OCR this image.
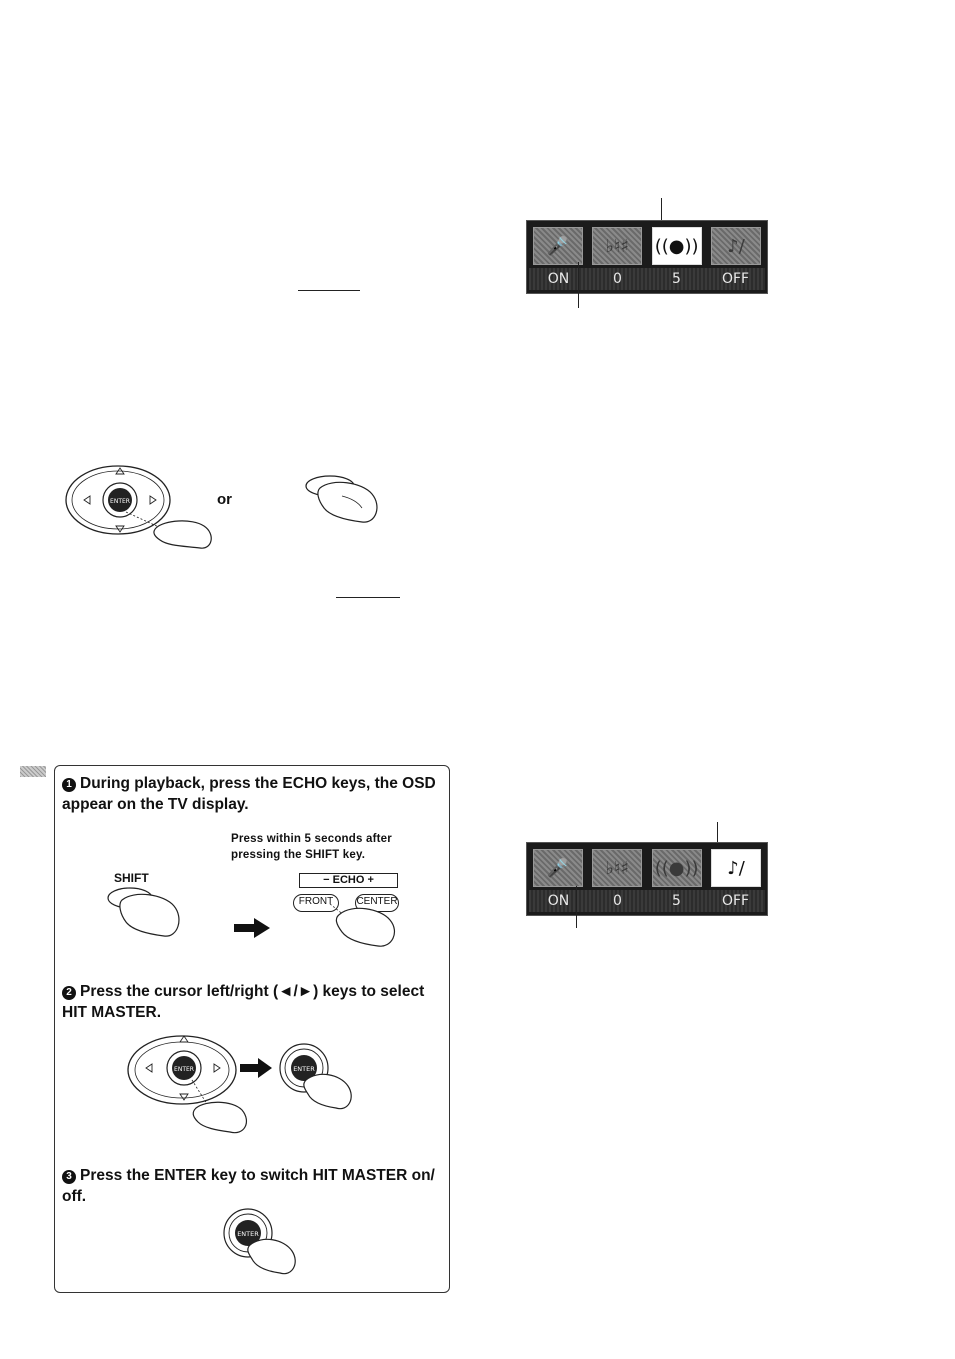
🎤	♭♮♯	((●))	♪/
ON	0	5	OFF
ENTER	or
1 During playback, press the ECHO keys, the OSD appear on the TV display.
Press within 5 seconds after pressing the SHIFT key.
SHIFT	− ECHO +
FRONT	CENTER
2 Press the cursor left/right (◄/►) keys to select HIT MASTER.
ENTER	ENTER
3 Press the ENTER key to switch HIT MASTER on/ off.
ENTER
🎤	♭♮♯	((●))	♪/
ON	0	5	OFF
